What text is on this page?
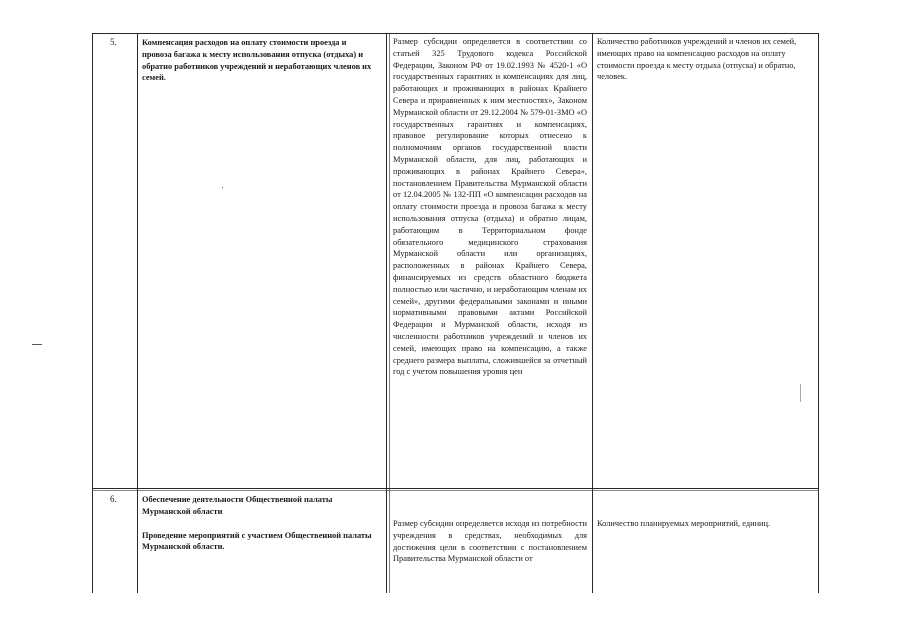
5.	Компенсация расходов на оплату стоимости проезда и провоза багажа к месту использования отпуска (отдыха) и обратно работников учреждений и неработающих членов их семей.
Размер субсидии определяется в соответствии со статьей 325 Трудового кодекса Российской Федерации, Законом РФ от 19.02.1993 № 4520-1 «О государственных гарантиях и компенсациях для лиц, работающих и проживающих в районах Крайнего Севера и приравненных к ним местностях», Законом Мурманской области от 29.12.2004 № 579-01-ЗМО «О государственных гарантиях и компенсациях, правовое регулирование которых отнесено к полномочиям органов государственной власти Мурманской области, для лиц, работающих и проживающих в районах Крайнего Севера», постановлением Правительства Мурманской области от 12.04.2005 № 132-ПП «О компенсации расходов на оплату стоимости проезда и провоза багажа к месту использования отпуска (отдыха) и обратно лицам, работающим в Территориальном фонде обязательного медицинского страхования Мурманской области или организациях, расположенных в районах Крайнего Севера, финансируемых из средств областного бюджета полностью или частично, и неработающим членам их семей», другими федеральными законами и иными нормативными правовыми актами Российской Федерации и Мурманской области, исходя из численности работников учреждений и членов их семей, имеющих право на компенсацию, а также среднего размера выплаты, сложившейся за отчетный год с учетом повышения уровня цен
Количество работников учреждений и членов их семей, имеющих право на компенсацию расходов на оплату стоимости проезда к месту отдыха (отпуска) и обратно, человек.
6.	Обеспечение деятельности Общественной палаты Мурманской области

Проведение мероприятий с участием Общественной палаты Мурманской области.

Размер субсидии определяется исходя из потребности учреждения в средствах, необходимых для достижения цели в соответствии с постановлением Правительства Мурманской области от
Количество планируемых мероприятий, единиц.
